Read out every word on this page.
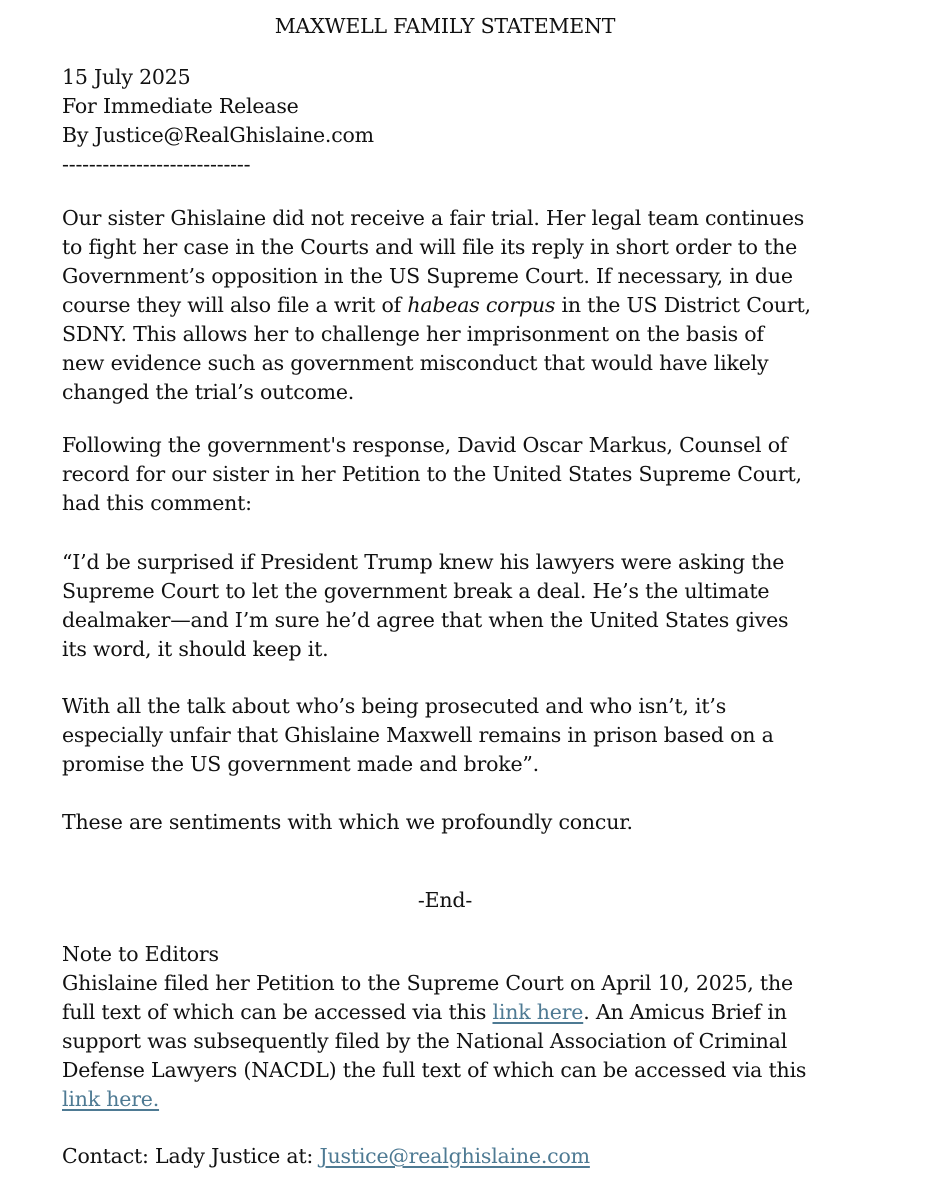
MAXWELL FAMILY STATEMENT
15 July 2025
For Immediate Release
By Justice@RealGhislaine.com
----------------------------
Our sister Ghislaine did not receive a fair trial. Her legal team continues
to fight her case in the Courts and will file its reply in short order to the
Government’s opposition in the US Supreme Court. If necessary, in due
course they will also file a writ of habeas corpus in the US District Court,
SDNY. This allows her to challenge her imprisonment on the basis of
new evidence such as government misconduct that would have likely
changed the trial’s outcome.
Following the government's response, David Oscar Markus, Counsel of
record for our sister in her Petition to the United States Supreme Court,
had this comment:
“I’d be surprised if President Trump knew his lawyers were asking the
Supreme Court to let the government break a deal. He’s the ultimate
dealmaker—and I’m sure he’d agree that when the United States gives
its word, it should keep it.
With all the talk about who’s being prosecuted and who isn’t, it’s
especially unfair that Ghislaine Maxwell remains in prison based on a
promise the US government made and broke”.
These are sentiments with which we profoundly concur.
-End-
Note to Editors
Ghislaine filed her Petition to the Supreme Court on April 10, 2025, the
full text of which can be accessed via this link here. An Amicus Brief in
support was subsequently filed by the National Association of Criminal
Defense Lawyers (NACDL) the full text of which can be accessed via this
link here.
Contact: Lady Justice at: Justice@realghislaine.com
